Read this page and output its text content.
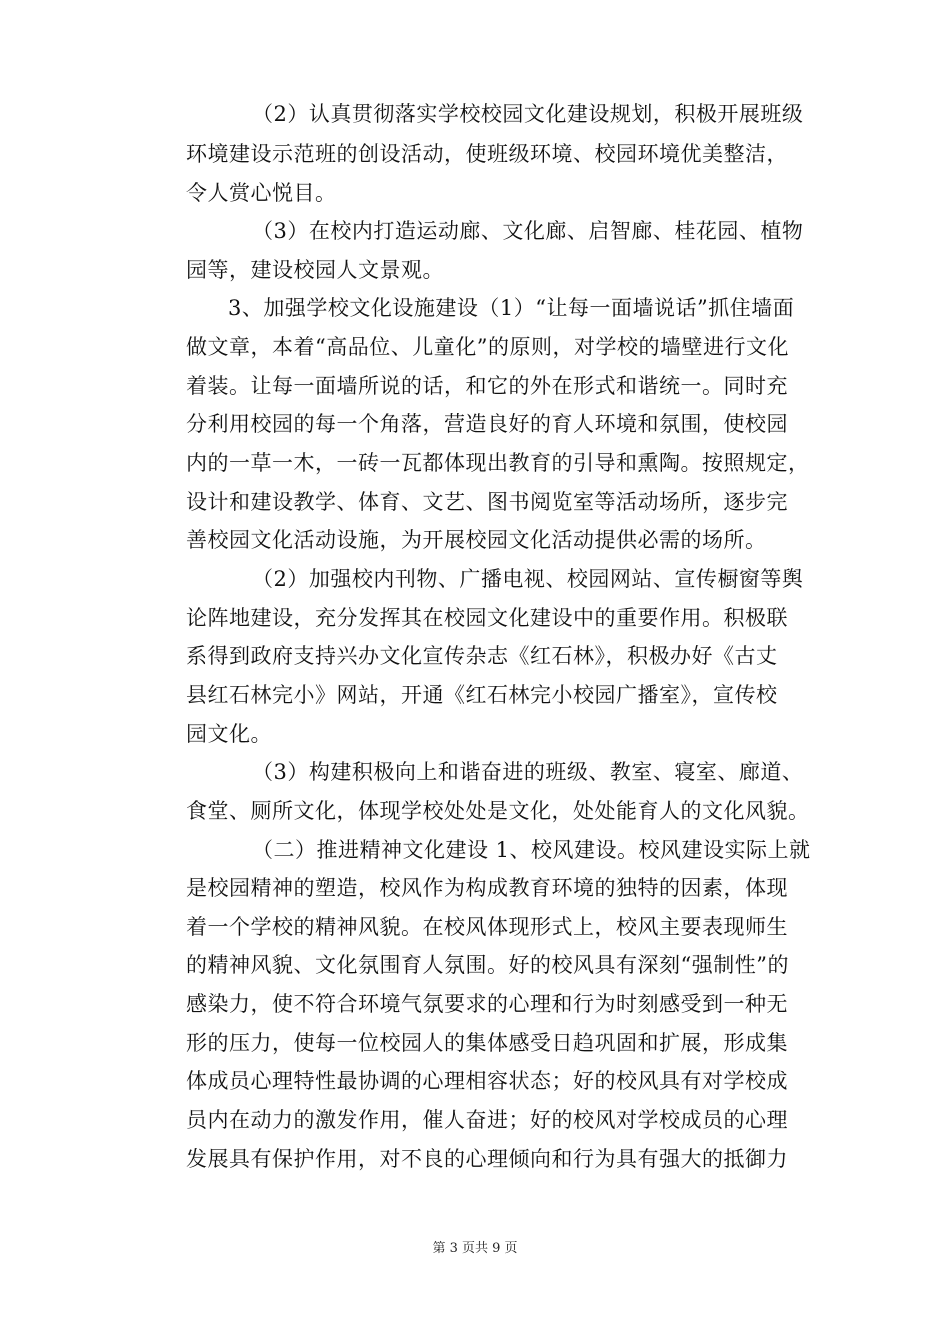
（2）认真贯彻落实学校校园文化建设规划，积极开展班级
环境建设示范班的创设活动，使班级环境、校园环境优美整洁，
令人赏心悦目。
（3）在校内打造运动廊、文化廊、启智廊、桂花园、植物
园等，建设校园人文景观。
3、加强学校文化设施建设（1）“让每一面墙说话”抓住墙面
做文章，本着“高品位、儿童化”的原则，对学校的墙壁进行文化
着装。让每一面墙所说的话，和它的外在形式和谐统一。同时充
分利用校园的每一个角落，营造良好的育人环境和氛围，使校园
内的一草一木，一砖一瓦都体现出教育的引导和熏陶。按照规定，
设计和建设教学、体育、文艺、图书阅览室等活动场所，逐步完
善校园文化活动设施，为开展校园文化活动提供必需的场所。
（2）加强校内刊物、广播电视、校园网站、宣传橱窗等舆
论阵地建设，充分发挥其在校园文化建设中的重要作用。积极联
系得到政府支持兴办文化宣传杂志《红石林》，积极办好《古丈
县红石林完小》网站，开通《红石林完小校园广播室》，宣传校
园文化。
（3）构建积极向上和谐奋进的班级、教室、寝室、廊道、
食堂、厕所文化，体现学校处处是文化，处处能育人的文化风貌。
（二）推进精神文化建设 1、校风建设。校风建设实际上就
是校园精神的塑造，校风作为构成教育环境的独特的因素，体现
着一个学校的精神风貌。在校风体现形式上，校风主要表现师生
的精神风貌、文化氛围育人氛围。好的校风具有深刻“强制性”的
感染力，使不符合环境气氛要求的心理和行为时刻感受到一种无
形的压力，使每一位校园人的集体感受日趋巩固和扩展，形成集
体成员心理特性最协调的心理相容状态；好的校风具有对学校成
员内在动力的激发作用，催人奋进；好的校风对学校成员的心理
发展具有保护作用，对不良的心理倾向和行为具有强大的抵御力
第 3 页共 9 页
